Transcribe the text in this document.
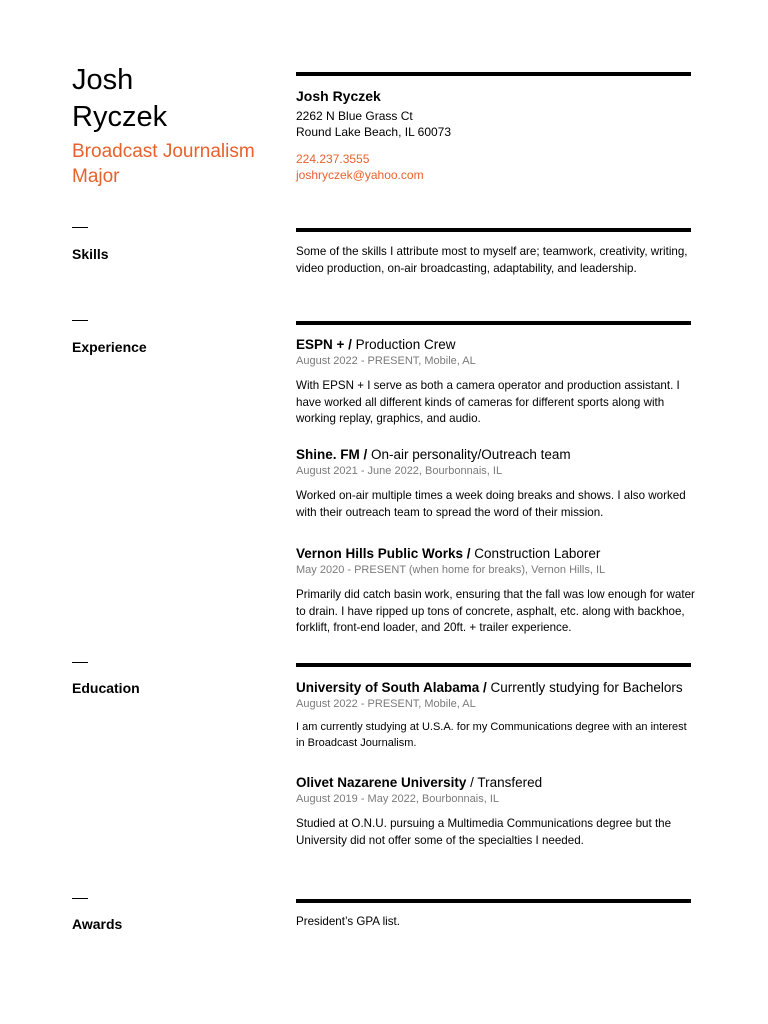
Josh
Ryczek
Broadcast Journalism
Major
Josh Ryczek
2262 N Blue Grass Ct
Round Lake Beach, IL 60073
224.237.3555
joshryczek@yahoo.com
Skills	Some of the skills I attribute most to myself are; teamwork, creativity, writing, video production, on-air broadcasting, adaptability, and leadership.
Experience	ESPN + / Production Crew
August 2022 - PRESENT, Mobile, AL
With EPSN + I serve as both a camera operator and production assistant. I have worked all different kinds of cameras for different sports along with working replay, graphics, and audio.
Shine. FM / On-air personality/Outreach team
August 2021 - June 2022, Bourbonnais, IL
Worked on-air multiple times a week doing breaks and shows. I also worked with their outreach team to spread the word of their mission.
Vernon Hills Public Works / Construction Laborer
May 2020 - PRESENT (when home for breaks), Vernon Hills, IL
Primarily did catch basin work, ensuring that the fall was low enough for water to drain. I have ripped up tons of concrete, asphalt, etc. along with backhoe, forklift, front-end loader, and 20ft. + trailer experience.
Education	University of South Alabama / Currently studying for Bachelors
August 2022 - PRESENT, Mobile, AL
I am currently studying at U.S.A. for my Communications degree with an interest in Broadcast Journalism.
Olivet Nazarene University / Transfered
August 2019 - May 2022, Bourbonnais, IL
Studied at O.N.U. pursuing a Multimedia Communications degree but the University did not offer some of the specialties I needed.
Awards	President’s GPA list.
